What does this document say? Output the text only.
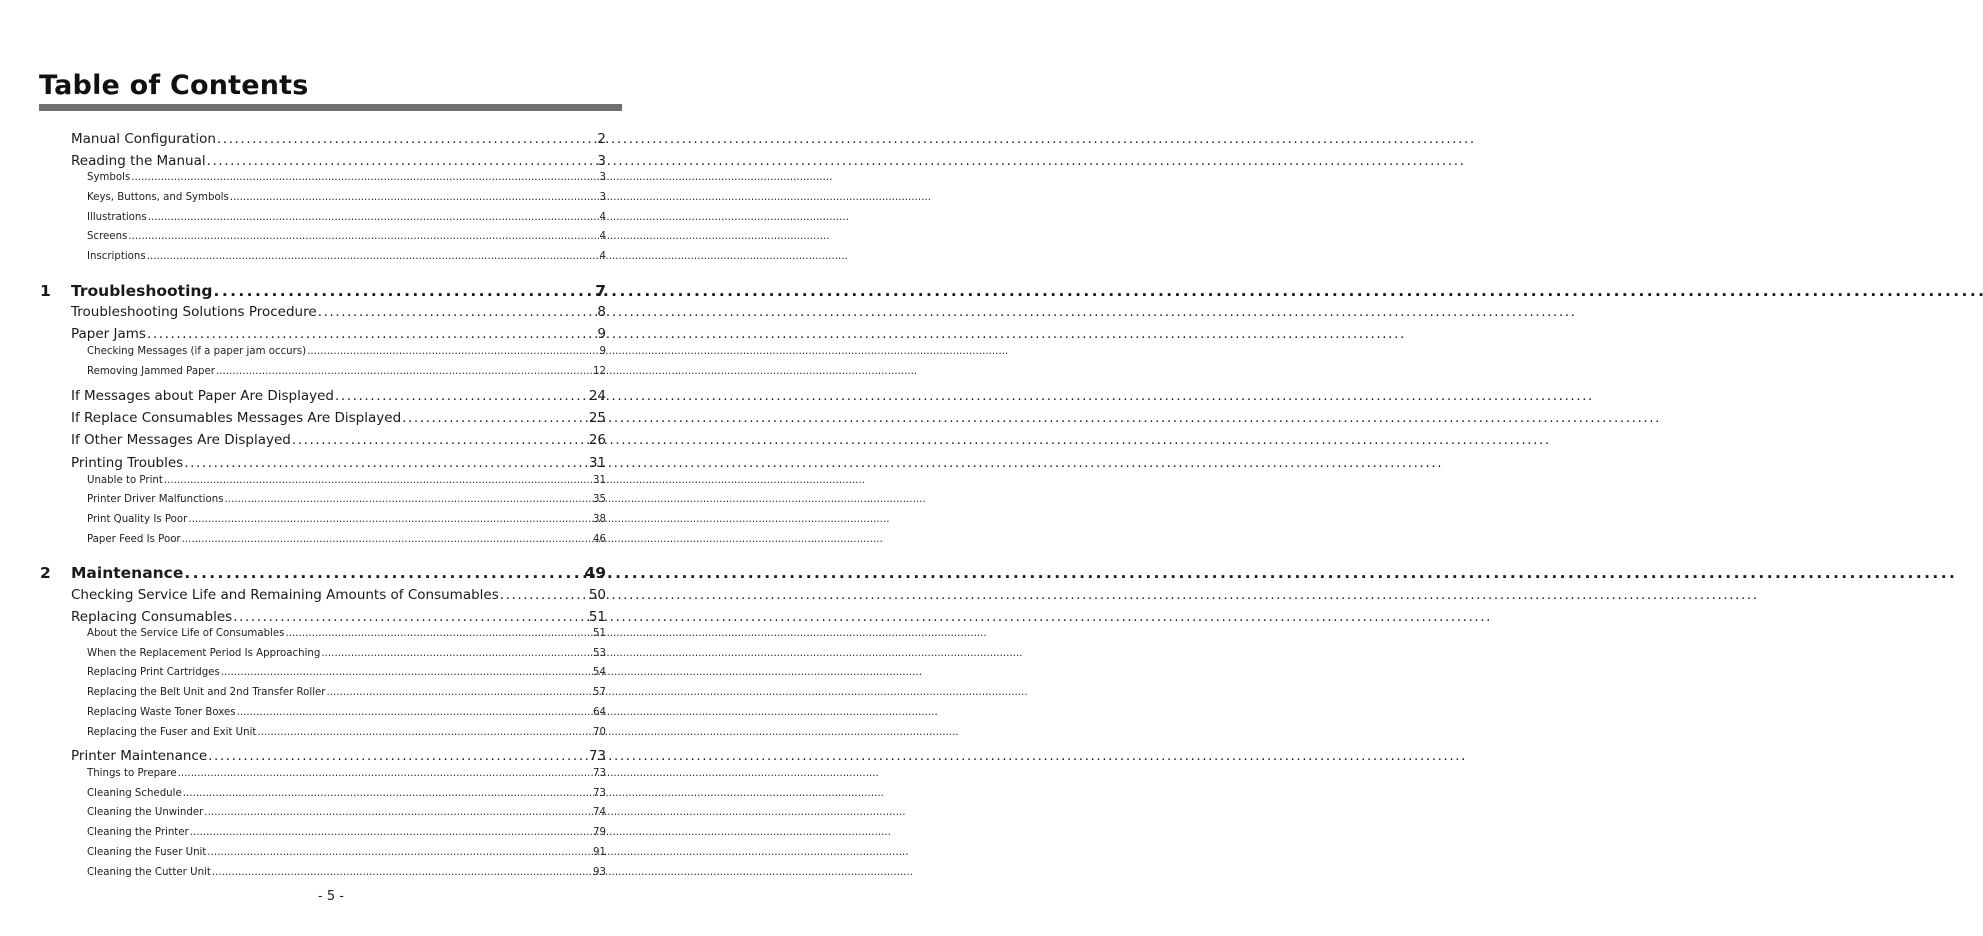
Table of Contents
Manual Configuration . . .	2
Reading the Manual . . .	3
Symbols . . .	3
Keys, Buttons, and Symbols . . .	3
Illustrations . . .	4
Screens . . .	4
Inscriptions . . .	4
1 Troubleshooting . . .	7
Troubleshooting Solutions Procedure . . .	8
Paper Jams . . .	9
Checking Messages (if a paper jam occurs) . . .	9
Removing Jammed Paper . . .	12
If Messages about Paper Are Displayed . . .	24
If Replace Consumables Messages Are Displayed . . .	25
If Other Messages Are Displayed . . .	26
Printing Troubles . . .	31
Unable to Print . . .	31
Printer Driver Malfunctions . . .	35
Print Quality Is Poor . . .	38
Paper Feed Is Poor . . .	46
2 Maintenance . . .	49
Checking Service Life and Remaining Amounts of Consumables . . .	50
Replacing Consumables . . .	51
About the Service Life of Consumables . . .	51
When the Replacement Period Is Approaching . . .	53
Replacing Print Cartridges . . .	54
Replacing the Belt Unit and 2nd Transfer Roller . . .	57
Replacing Waste Toner Boxes . . .	64
Replacing the Fuser and Exit Unit . . .	70
Printer Maintenance . . .	73
Things to Prepare . . .	73
Cleaning Schedule . . .	73
Cleaning the Unwinder . . .	74
Cleaning the Printer . . .	79
Cleaning the Fuser Unit . . .	91
Cleaning the Cutter Unit . . .	93
- 5 -
